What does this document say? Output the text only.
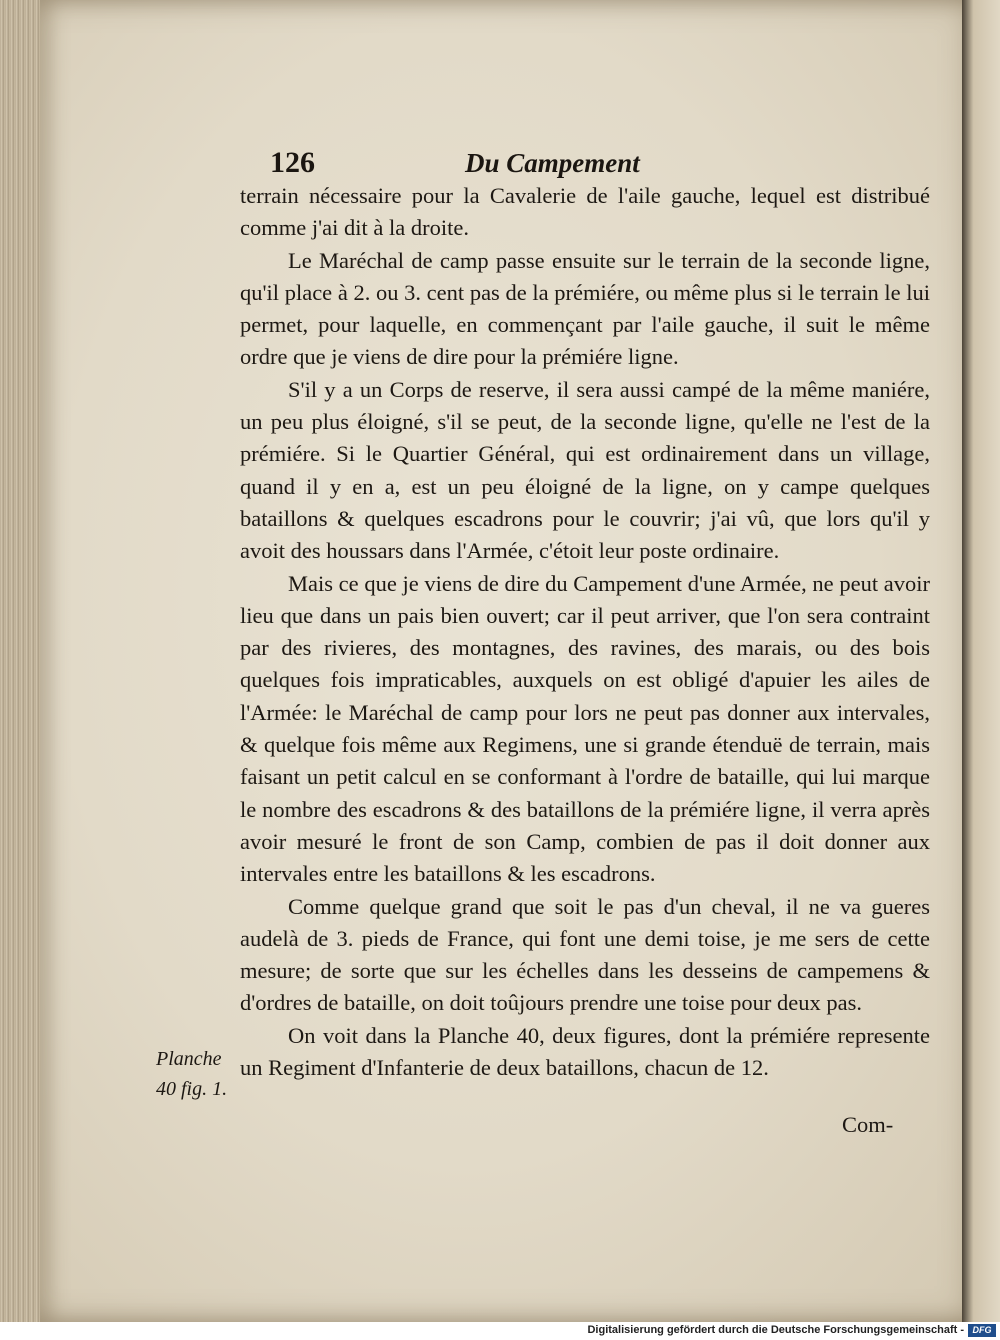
126	Du Campement

terrain nécessaire pour la Cavalerie de l'aile gauche, lequel est distribué comme j'ai dit à la droite.

Le Maréchal de camp passe ensuite sur le terrain de la seconde ligne, qu'il place à 2. ou 3. cent pas de la prémiére, ou même plus si le terrain le lui permet, pour laquelle, en commençant par l'aile gauche, il suit le même ordre que je viens de dire pour la prémiére ligne.

S'il y a un Corps de reserve, il sera aussi campé de la même maniére, un peu plus éloigné, s'il se peut, de la seconde ligne, qu'elle ne l'est de la prémiére. Si le Quartier Général, qui est ordinairement dans un village, quand il y en a, est un peu éloigné de la ligne, on y campe quelques bataillons & quelques escadrons pour le couvrir; j'ai vû, que lors qu'il y avoit des houssars dans l'Armée, c'étoit leur poste ordinaire.

Mais ce que je viens de dire du Campement d'une Armée, ne peut avoir lieu que dans un pais bien ouvert; car il peut arriver, que l'on sera contraint par des rivieres, des montagnes, des ravines, des marais, ou des bois quelques fois impraticables, auxquels on est obligé d'apuier les ailes de l'Armée: le Maréchal de camp pour lors ne peut pas donner aux intervales, & quelque fois même aux Regimens, une si grande étenduë de terrain, mais faisant un petit calcul en se conformant à l'ordre de bataille, qui lui marque le nombre des escadrons & des bataillons de la prémiére ligne, il verra après avoir mesuré le front de son Camp, combien de pas il doit donner aux intervales entre les bataillons & les escadrons.

Comme quelque grand que soit le pas d'un cheval, il ne va gueres audelà de 3. pieds de France, qui font une demi toise, je me sers de cette mesure; de sorte que sur les échelles dans les desseins de campemens & d'ordres de bataille, on doit toûjours prendre une toise pour deux pas.

On voit dans la Planche 40, deux figures, dont la prémiére represente un Regiment d'Infanterie de deux bataillons, chacun de 12.

Planche
40 fig. 1.
Com-
Digitalisierung gefördert durch die Deutsche Forschungsgemeinschaft - DFG
